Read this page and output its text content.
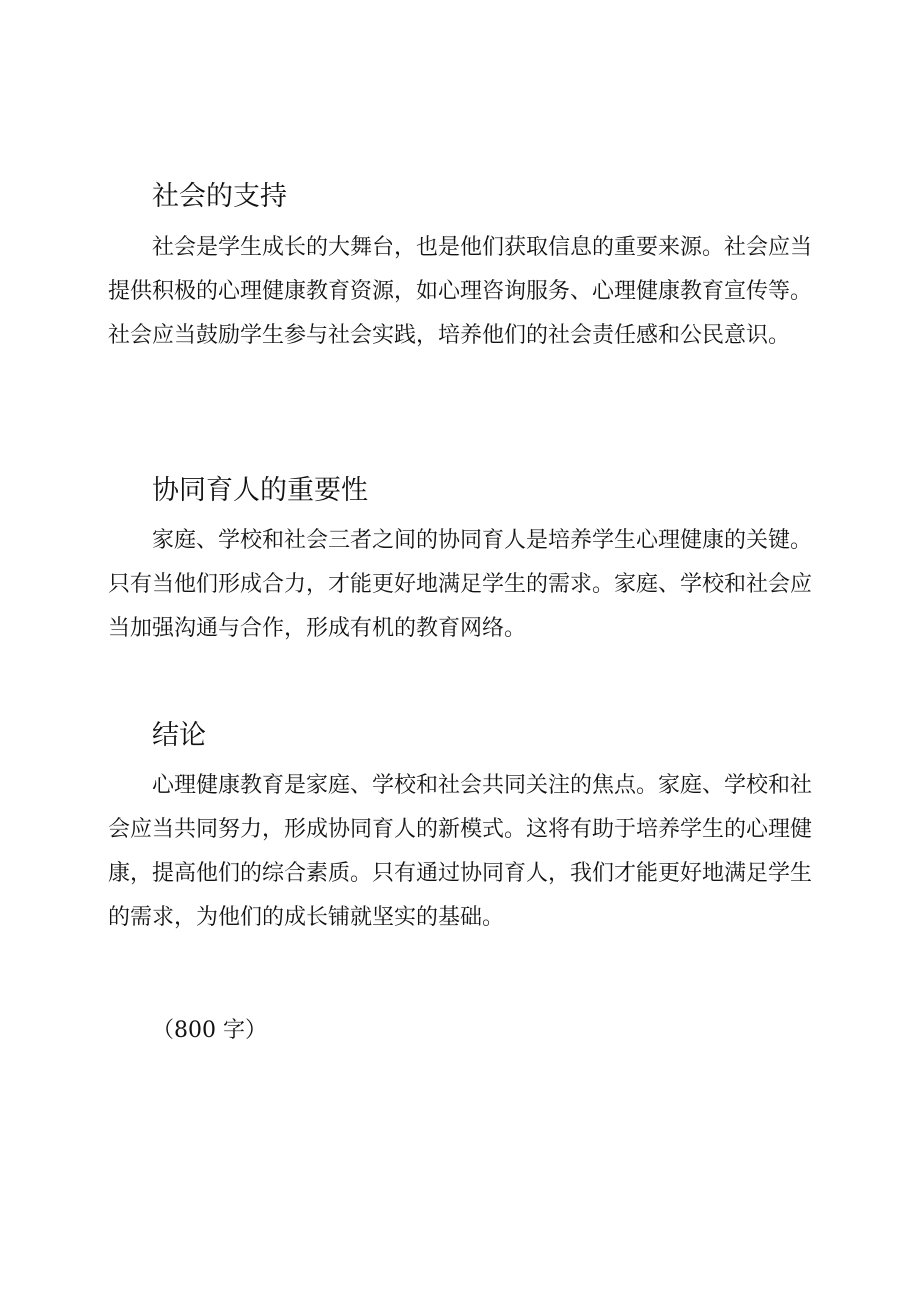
社会的支持

社会是学生成长的大舞台，也是他们获取信息的重要来源。社会应当提供积极的心理健康教育资源，如心理咨询服务、心理健康教育宣传等。社会应当鼓励学生参与社会实践，培养他们的社会责任感和公民意识。

协同育人的重要性

家庭、学校和社会三者之间的协同育人是培养学生心理健康的关键。只有当他们形成合力，才能更好地满足学生的需求。家庭、学校和社会应当加强沟通与合作，形成有机的教育网络。

结论

心理健康教育是家庭、学校和社会共同关注的焦点。家庭、学校和社会应当共同努力，形成协同育人的新模式。这将有助于培养学生的心理健康，提高他们的综合素质。只有通过协同育人，我们才能更好地满足学生的需求，为他们的成长铺就坚实的基础。

（800 字）
